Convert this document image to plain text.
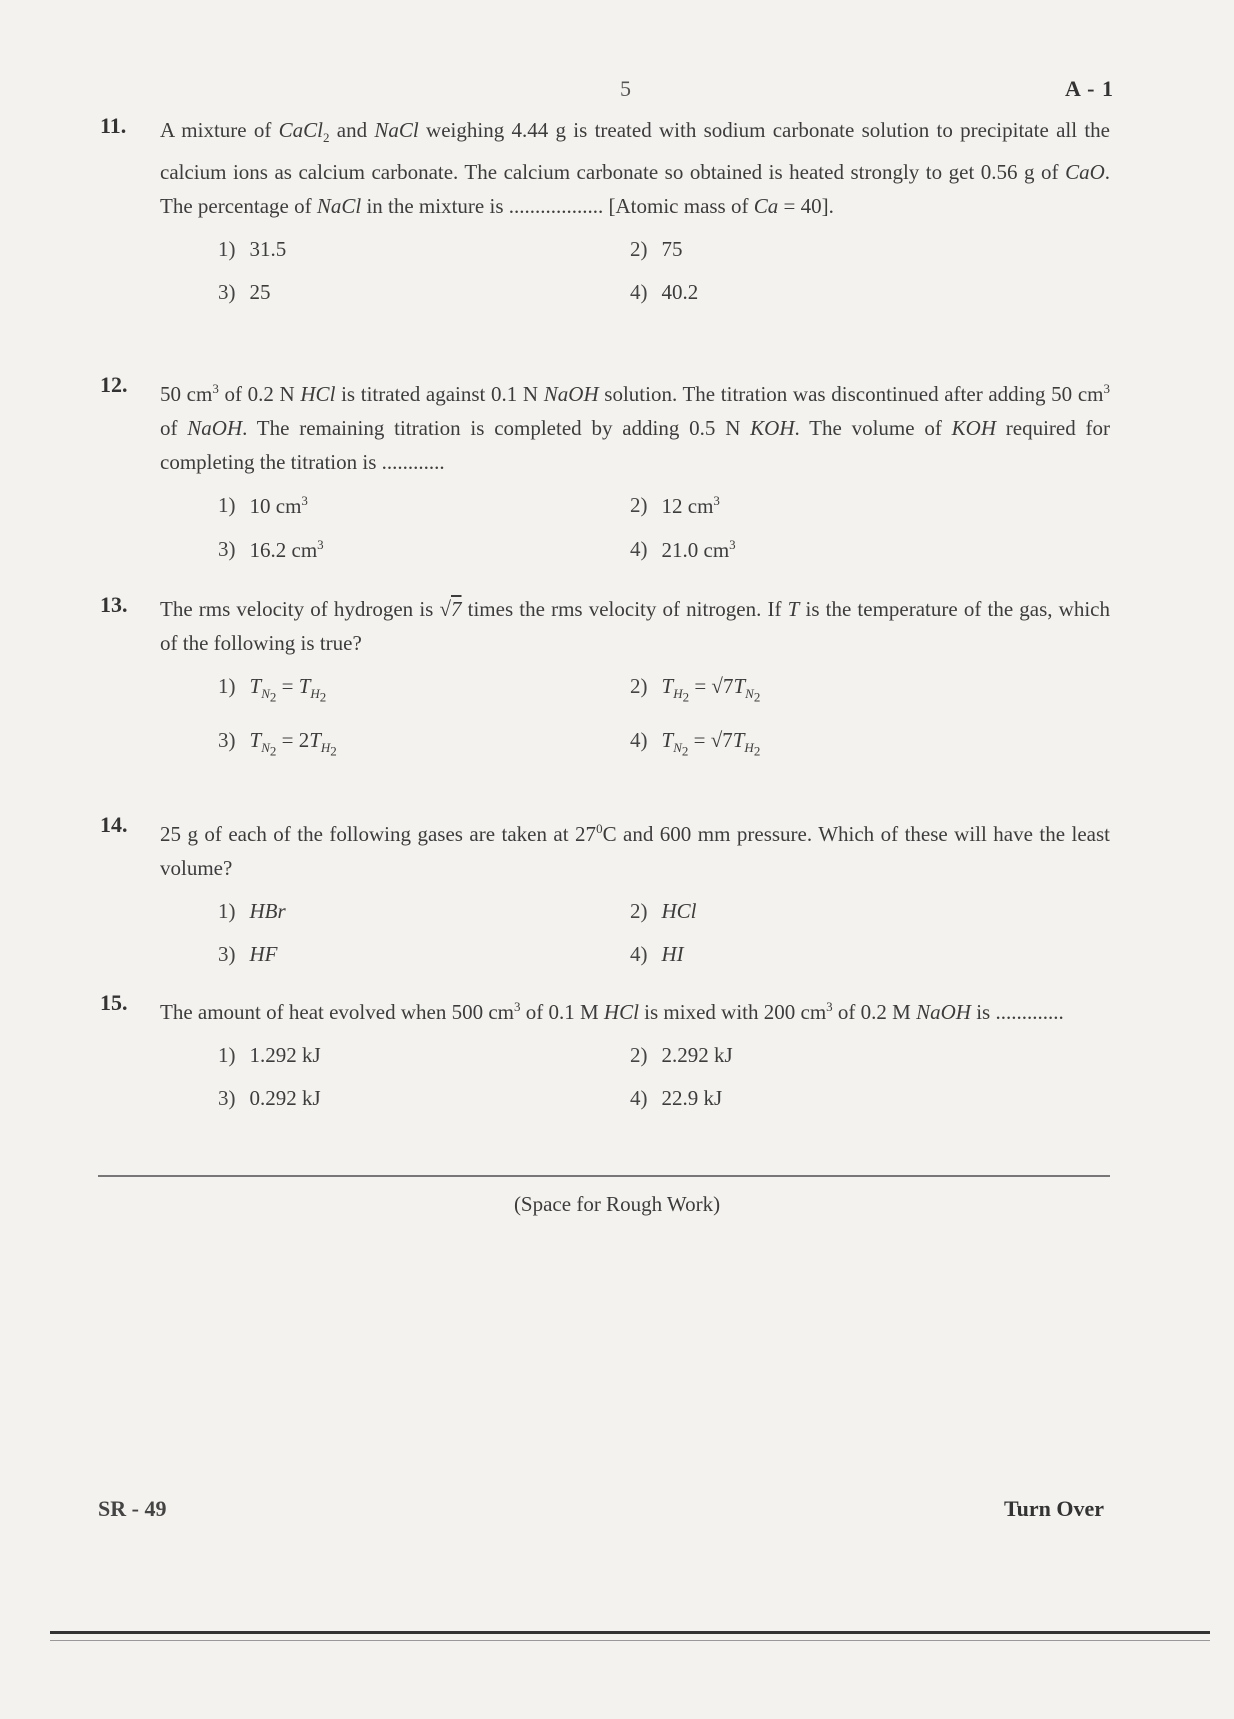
5	A - 1
11. A mixture of CaCl$_2$ and NaCl weighing 4.44 g is treated with sodium carbonate solution to precipitate all the calcium ions as calcium carbonate. The calcium carbonate so obtained is heated strongly to get 0.56 g of CaO. The percentage of NaCl in the mixture is .................. [Atomic mass of Ca = 40].
1) 31.5	2) 75
3) 25	4) 40.2
12. 50 $cm^3$ of 0.2 N HCl is titrated against 0.1 N NaOH solution. The titration was discontinued after adding 50 $cm^3$ of NaOH. The remaining titration is completed by adding 0.5 N KOH. The volume of KOH required for completing the titration is ............
1) 10 $cm^3$	2) 12 $cm^3$
3) 16.2 $cm^3$	4) 21.0 $cm^3$
13. The rms velocity of hydrogen is √7 times the rms velocity of nitrogen. If T is the temperature of the gas, which of the following is true?
1) $T_{N_2} = T_{H_2}$	2) $T_{H_2} = √7T_{N_2}$
3) $T_{N_2} = 2T_{H_2}$	4) $T_{N_2} = √7T_{H_2}$
14. 25 g of each of the following gases are taken at $27^0C$ and 600 mm pressure. Which of these will have the least volume?
1) HBr	2) HCl
3) HF	4) HI
15. The amount of heat evolved when 500 $cm^3$ of 0.1 M HCl is mixed with 200 $cm^3$ of 0.2 M NaOH is .............
1) 1.292 kJ	2) 2.292 kJ
3) 0.292 kJ	4) 22.9 kJ
(Space for Rough Work)
SR - 49	Turn Over
